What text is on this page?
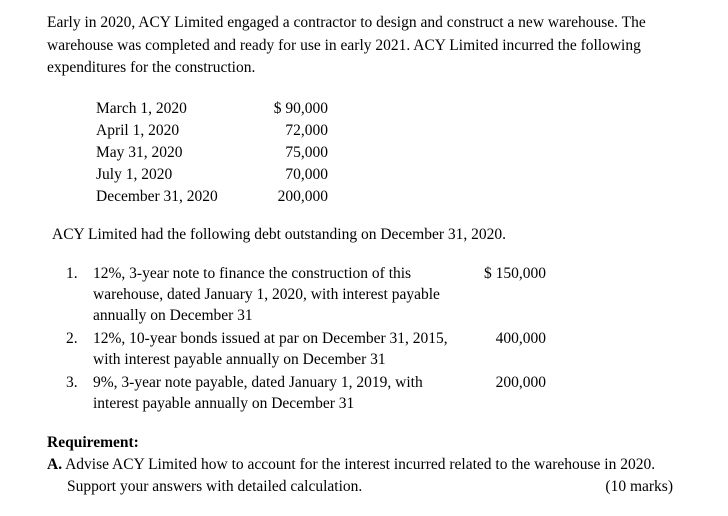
Early in 2020, ACY Limited engaged a contractor to design and construct a new warehouse. The warehouse was completed and ready for use in early 2021. ACY Limited incurred the following expenditures for the construction.

March 1, 2020	$ 90,000
April 1, 2020	72,000
May 31, 2020	75,000
July 1, 2020	70,000
December 31, 2020	200,000

ACY Limited had the following debt outstanding on December 31, 2020.

1. 12%, 3-year note to finance the construction of this warehouse, dated January 1, 2020, with interest payable annually on December 31
$ 150,000
2. 12%, 10-year bonds issued at par on December 31, 2015, with interest payable annually on December 31
400,000
3. 9%, 3-year note payable, dated January 1, 2019, with interest payable annually on December 31
200,000

Requirement:

A. Advise ACY Limited how to account for the interest incurred related to the warehouse in 2020.

Support your answers with detailed calculation.	(10 marks)
